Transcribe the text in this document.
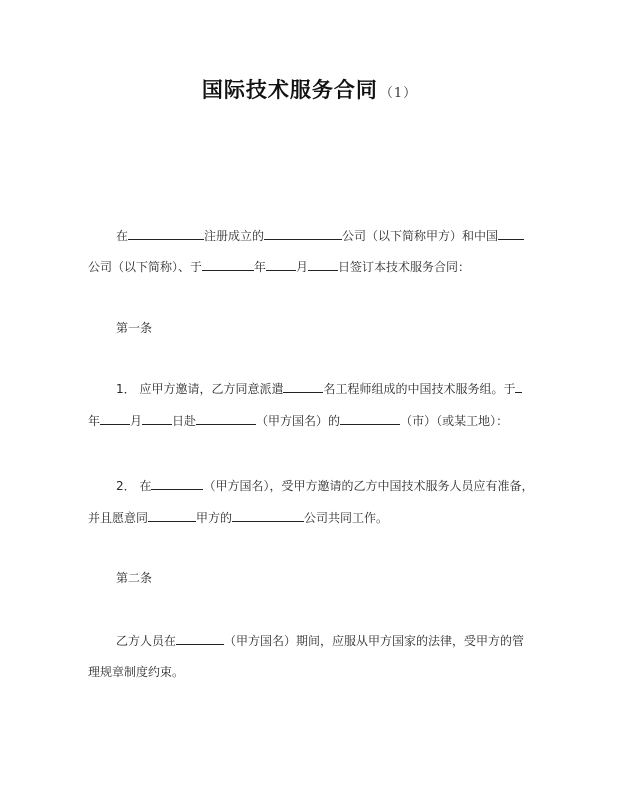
国际技术服务合同 （1）
在	注册成立的	公司（以下简称甲方）和中国
公司（以下简称）、于	年	月	日签订本技术服务合同：
第一条
1． 应甲方邀请，乙方同意派遣	名工程师组成的中国技术服务组。于
年	月	日赴	（甲方国名）的	（市）（或某工地）：
2． 在	（甲方国名），受甲方邀请的乙方中国技术服务人员应有准备，
并且愿意同	甲方的	公司共同工作。
第二条
乙方人员在	（甲方国名）期间，应服从甲方国家的法律，受甲方的管
理规章制度约束。
